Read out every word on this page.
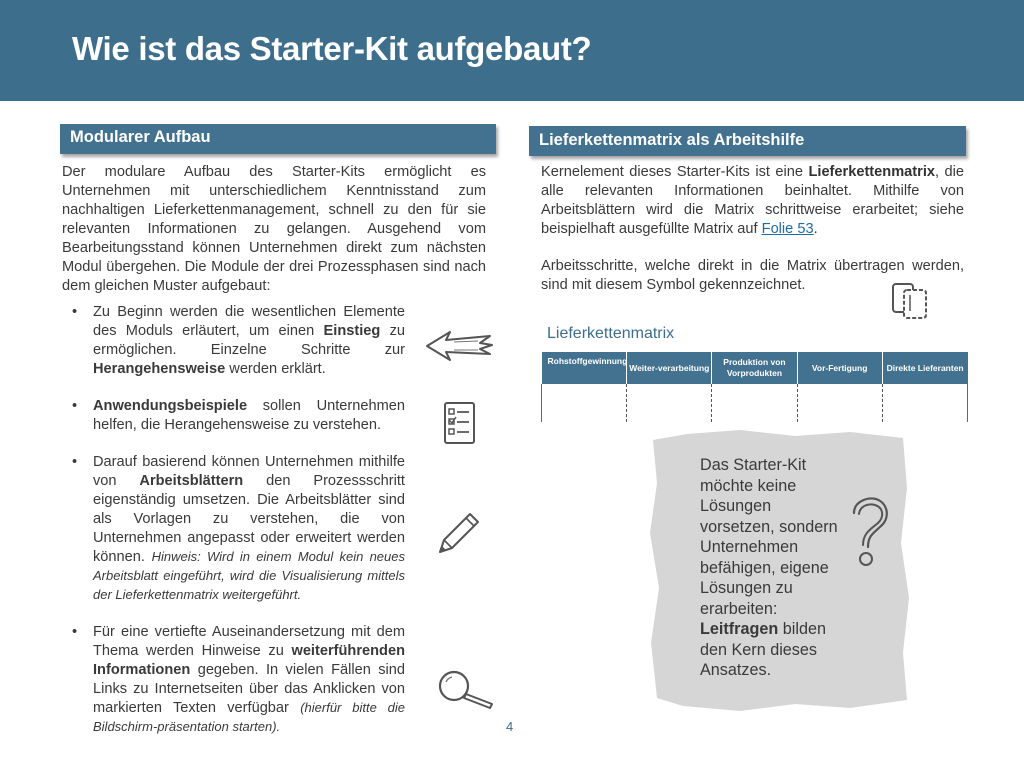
Wie ist das Starter-Kit aufgebaut?
Modularer Aufbau

Der modulare Aufbau des Starter-Kits ermöglicht es Unternehmen mit unterschiedlichem Kenntnisstand zum nachhaltigen Lieferkettenmanagement, schnell zu den für sie relevanten Informationen zu gelangen. Ausgehend vom Bearbeitungsstand können Unternehmen direkt zum nächsten Modul übergehen. Die Module der drei Prozessphasen sind nach dem gleichen Muster aufgebaut:

• Zu Beginn werden die wesentlichen Elemente des Moduls erläutert, um einen Einstieg zu ermöglichen. Einzelne Schritte zur Herangehensweise werden erklärt.
• Anwendungsbeispiele sollen Unternehmen helfen, die Herangehensweise zu verstehen.
• Darauf basierend können Unternehmen mithilfe von Arbeitsblättern den Prozessschritt eigenständig umsetzen. Die Arbeitsblätter sind als Vorlagen zu verstehen, die von Unternehmen angepasst oder erweitert werden können. Hinweis: Wird in einem Modul kein neues Arbeitsblatt eingeführt, wird die Visualisierung mittels der Lieferkettenmatrix weitergeführt.
• Für eine vertiefte Auseinandersetzung mit dem Thema werden Hinweise zu weiterführenden Informationen gegeben. In vielen Fällen sind Links zu Internetseiten über das Anklicken von markierten Texten verfügbar (hierfür bitte die Bildschirm-präsentation starten).
Lieferkettenmatrix als Arbeitshilfe

Kernelement dieses Starter-Kits ist eine Lieferkettenmatrix, die alle relevanten Informationen beinhaltet. Mithilfe von Arbeitsblättern wird die Matrix schrittweise erarbeitet; siehe beispielhaft ausgefüllte Matrix auf Folie 53.

Arbeitsschritte, welche direkt in die Matrix übertragen werden, sind mit diesem Symbol gekennzeichnet.

Lieferkettenmatrix
Rohstoffgewinnung	Weiter-verarbeitung	Produktion von Vorprodukten	Vor-Fertigung	Direkte Lieferanten

Das Starter-Kit möchte keine Lösungen vorsetzen, sondern Unternehmen befähigen, eigene Lösungen zu erarbeiten: Leitfragen bilden den Kern dieses Ansatzes.

4
